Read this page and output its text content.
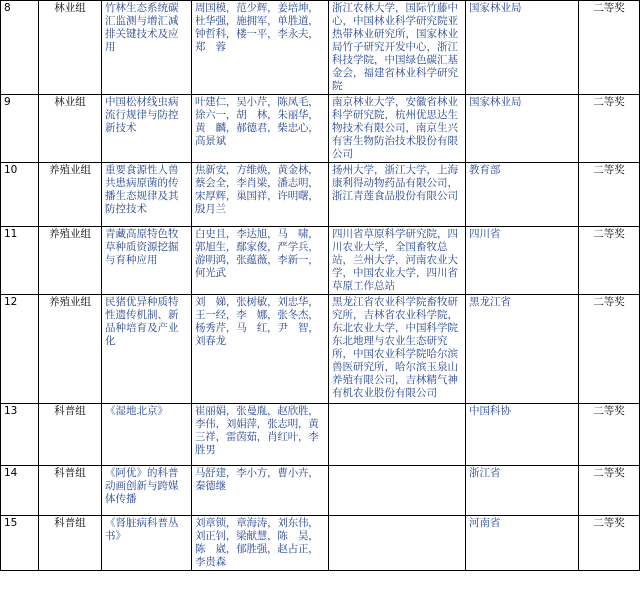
8	林业组	竹林生态系统碳汇监测与增汇减排关键技术及应用	周国模，范少辉，姜培坤，杜华强，施拥军，单胜道，钟哲科，楼一平，李永夫，郑　蓉	浙江农林大学，国际竹藤中心，中国林业科学研究院亚热带林业研究所，国家林业局竹子研究开发中心，浙江科技学院，中国绿色碳汇基金会，福建省林业科学研究院	国家林业局	二等奖
9	林业组	中国松材线虫病流行规律与防控新技术	叶建仁，吴小芹，陈凤毛，徐六一，胡　林，朱丽华，黄　麟，郝德君，柴忠心，高景斌	南京林业大学，安徽省林业科学研究院，杭州优思达生物技术有限公司，南京生兴有害生物防治技术股份有限公司	国家林业局	二等奖
10	养殖业组	重要食源性人兽共患病原菌的传播生态规律及其防控技术	焦新安，方维焕，黄金林，蔡会全，李肖梁，潘志明，宋厚辉，巢国祥，许明曙，殷月兰	扬州大学，浙江大学，上海康利得动物药品有限公司，浙江青莲食品股份有限公司	教育部	二等奖
11	养殖业组	青藏高原特色牧草种质资源挖掘与育种应用	白史且，李达旭，马　啸，郭旭生，鄢家俊，严学兵，游明鸿，张蕴薇，李新一，何光武	四川省草原科学研究院，四川农业大学，全国畜牧总站，兰州大学，河南农业大学，中国农业大学，四川省草原工作总站	四川省	二等奖
12	养殖业组	民猪优异种质特性遗传机制、新品种培育及产业化	刘　娣，张树敏，刘忠华，王一经，李　娜，张冬杰，杨秀芹，马　红，尹　智，刘春龙	黑龙江省农业科学院畜牧研究所，吉林省农业科学院，东北农业大学，中国科学院东北地理与农业生态研究所，中国农业科学院哈尔滨兽医研究所，哈尔滨玉泉山养殖有限公司，吉林精气神有机农业股份有限公司	黑龙江省	二等奖
13	科普组	《湿地北京》	崔丽娟，张曼胤，赵欣胜，李伟，刘娟萍，张志明，黄三祥，雷茵茹，肖红叶，李胜男		中国科协	二等奖
14	科普组	《阿优》的科普动画创新与跨媒体传播	马舒建，李小方，曹小卉，秦德继		浙江省	二等奖
15	科普组	《肾脏病科普丛书》	刘章锁，章海涛，刘东伟，刘正钊，梁献慧，陈　昊，陈　崴，郁胜强，赵占正，李贵森		河南省	二等奖
